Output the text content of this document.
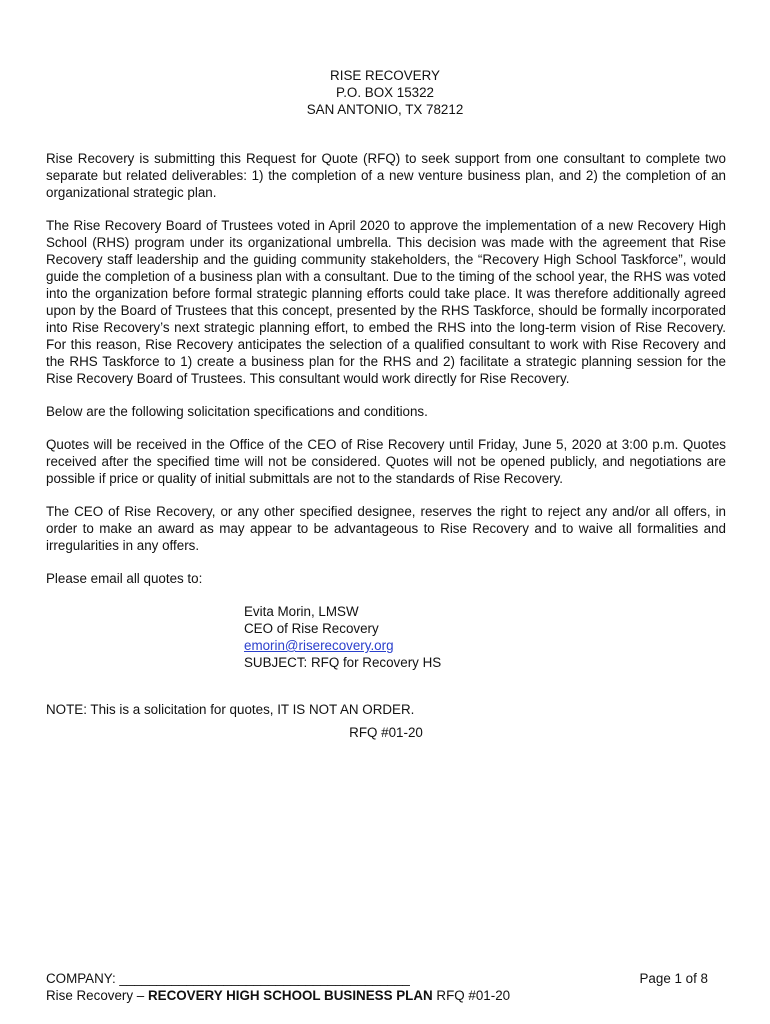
RISE RECOVERY
P.O. BOX 15322
SAN ANTONIO, TX 78212

Rise Recovery is submitting this Request for Quote (RFQ) to seek support from one consultant to complete two separate but related deliverables: 1) the completion of a new venture business plan, and 2) the completion of an organizational strategic plan.

The Rise Recovery Board of Trustees voted in April 2020 to approve the implementation of a new Recovery High School (RHS) program under its organizational umbrella. This decision was made with the agreement that Rise Recovery staff leadership and the guiding community stakeholders, the “Recovery High School Taskforce”, would guide the completion of a business plan with a consultant. Due to the timing of the school year, the RHS was voted into the organization before formal strategic planning efforts could take place. It was therefore additionally agreed upon by the Board of Trustees that this concept, presented by the RHS Taskforce, should be formally incorporated into Rise Recovery’s next strategic planning effort, to embed the RHS into the long-term vision of Rise Recovery. For this reason, Rise Recovery anticipates the selection of a qualified consultant to work with Rise Recovery and the RHS Taskforce to 1) create a business plan for the RHS and 2) facilitate a strategic planning session for the Rise Recovery Board of Trustees. This consultant would work directly for Rise Recovery.

Below are the following solicitation specifications and conditions.

Quotes will be received in the Office of the CEO of Rise Recovery until Friday, June 5, 2020 at 3:00 p.m. Quotes received after the specified time will not be considered. Quotes will not be opened publicly, and negotiations are possible if price or quality of initial submittals are not to the standards of Rise Recovery.

The CEO of Rise Recovery, or any other specified designee, reserves the right to reject any and/or all offers, in order to make an award as may appear to be advantageous to Rise Recovery and to waive all formalities and irregularities in any offers.

Please email all quotes to:

Evita Morin, LMSW
CEO of Rise Recovery
emorin@riserecovery.org
SUBJECT: RFQ for Recovery HS

NOTE: This is a solicitation for quotes, IT IS NOT AN ORDER.

RFQ #01-20
COMPANY: _______________________________________	Page 1 of 8
Rise Recovery – RECOVERY HIGH SCHOOL BUSINESS PLAN RFQ #01-20
